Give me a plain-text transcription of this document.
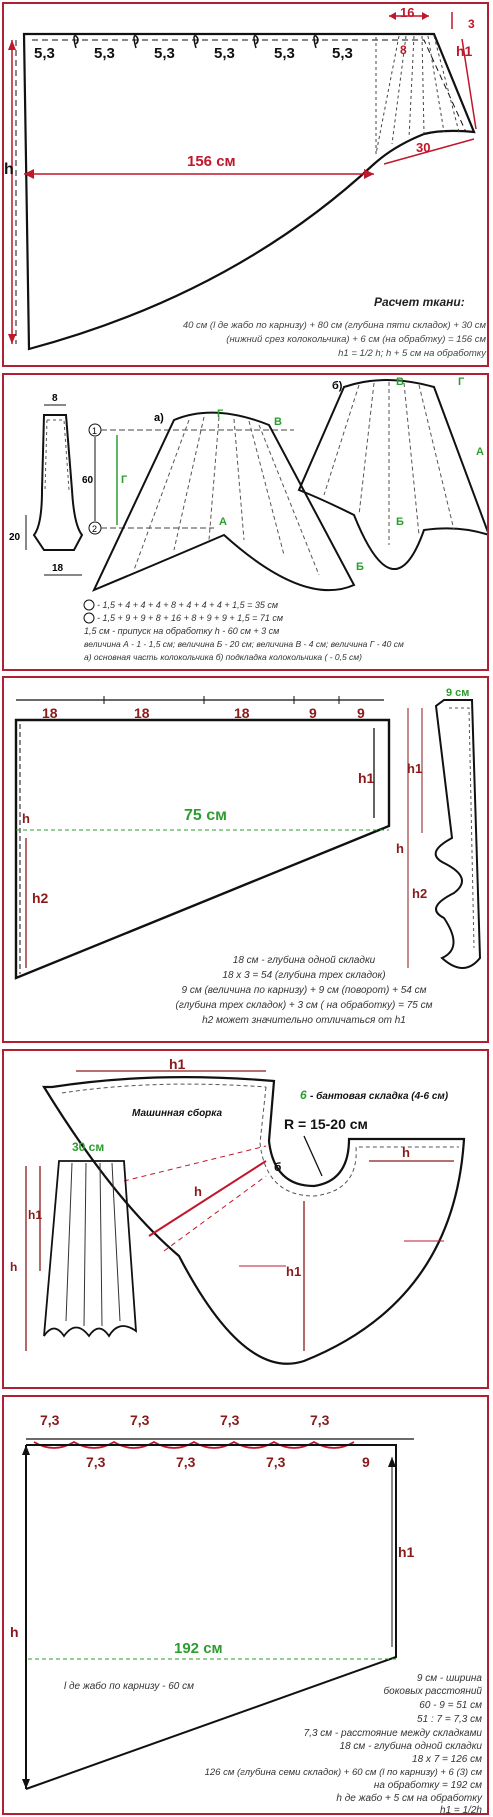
5,3	5,3	5,3	5,3	5,3 5,3
16
3
8	h1
156 см
30
h
Расчет ткани:
40 см (l де жабо по карнизу) + 80 см (глубина пяти складок) + 30 см
(нижний срез колокольчика) + 6 см (на обрабтку) = 156 см
h1 = 1/2 h; h + 5 см на обработку
8
20
18
1
2
60
а)	Г
В
А
Б
Г
б)	В	Г
А
Б
- 1,5 + 4 + 4 + 4 + 8 + 4 + 4 + 4 + 1,5 = 35 см
- 1,5 + 9 + 9 + 8 + 16 + 8 + 9 + 9 + 1,5 = 71 см
1,5 см - припуск на обработку h - 60 см + 3 см
величина А - 1 - 1,5 см; величина Б - 20 см; величина В - 4 см; величина Г - 40 см
а) основная часть колокольчика б) подкладка колокольчика ( - 0,5 см)
18	18	18	9	9
h1
75 см
h
h2
9 см
h1
h
h2
18 см - глубина одной складки
18 х 3 = 54 (глубина трех складок)
9 см (величина по карнизу) + 9 см (поворот) + 54 см
(глубина трех складок) + 3 см ( на обработку) = 75 см
h2 может значительно отличаться от h1
h1
6 - бантовая складка (4-6 см)
Машинная сборка
R = 15-20 см
б
h
h
h1
30 см
h
h1
7,3	7,3	7,3	7,3
7,3	7,3	7,3	9
h
h1
192 см
l де жабо по карнизу - 60 см
9 см - ширина
боковых расстояний
60 - 9 = 51 см
51 : 7 = 7,3 см
7,3 см - расстояние между складками
18 см - глубина одной складки
18 х 7 = 126 см
126 см (глубина семи складок) + 60 см (l по карнизу) + 6 (3) см
на обработку = 192 см
h де жабо + 5 см на обработку
h1 = 1/2h
